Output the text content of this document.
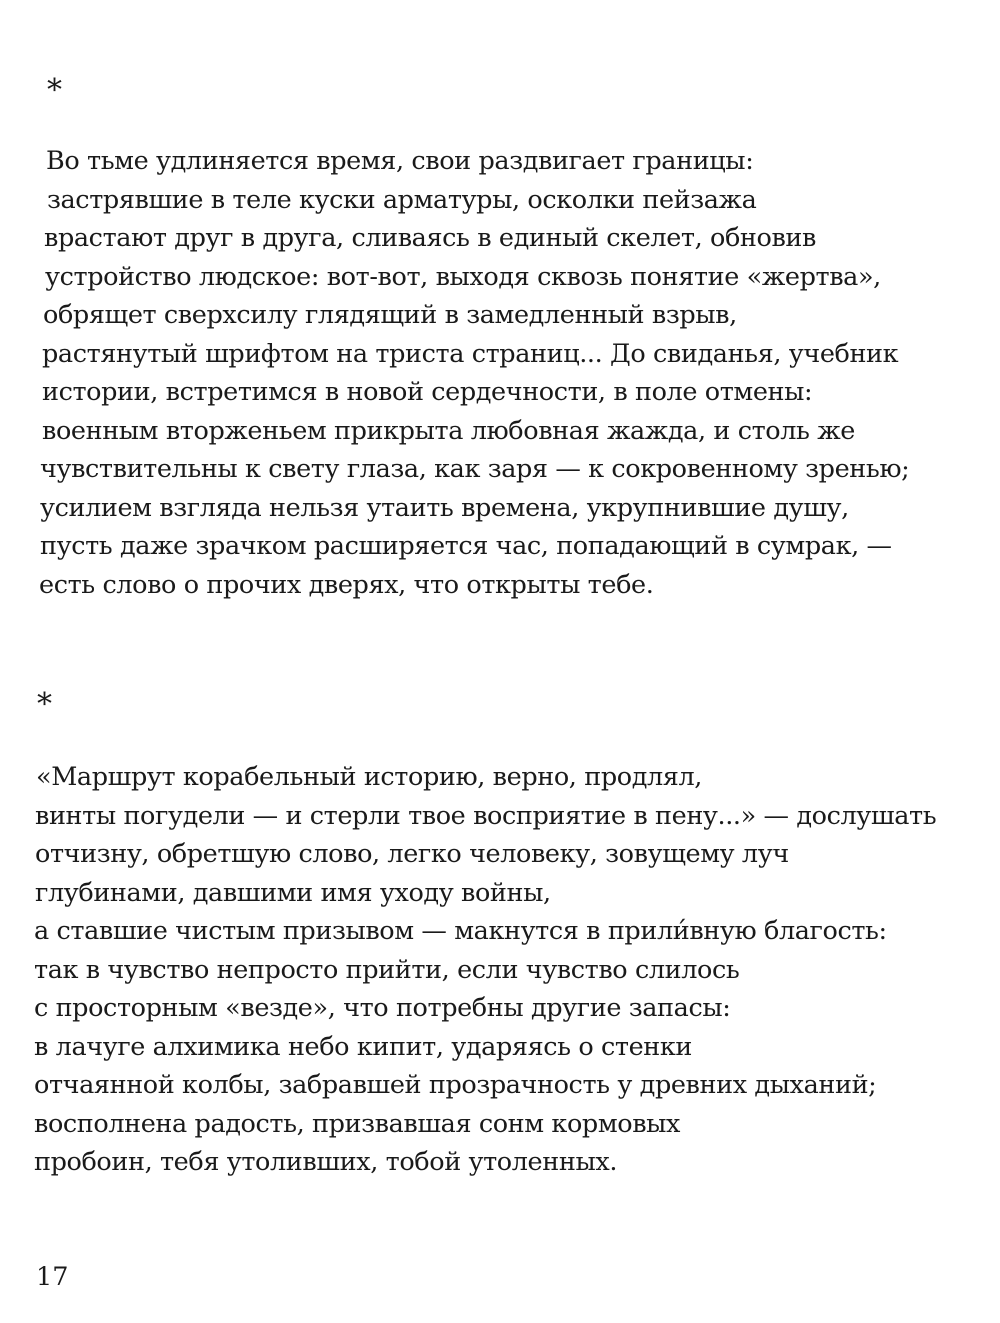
*
Во тьме удлиняется время, свои раздвигает границы:
застрявшие в теле куски арматуры, осколки пейзажа
врастают друг в друга, сливаясь в единый скелет, обновив
устройство людское: вот-вот, выходя сквозь понятие «жертва»,
обрящет сверхсилу глядящий в замедленный взрыв,
растянутый шрифтом на триста страниц... До свиданья, учебник
истории, встретимся в новой сердечности, в поле отмены:
военным вторженьем прикрыта любовная жажда, и столь же
чувствительны к свету глаза, как заря — к сокровенному зренью;
усилием взгляда нельзя утаить времена, укрупнившие душу,
пусть даже зрачком расширяется час, попадающий в сумрак, —
есть слово о прочих дверях, что открыты тебе.
*
«Маршрут корабельный историю, верно, продлял,
винты погудели — и стерли твое восприятие в пену...» — дослушать
отчизну, обретшую слово, легко человеку, зовущему луч
глубинами, давшими имя уходу войны,
а ставшие чистым призывом — макнутся в прили́вную благость:
так в чувство непросто прийти, если чувство слилось
с просторным «везде», что потребны другие запасы:
в лачуге алхимика небо кипит, ударяясь о стенки
отчаянной колбы, забравшей прозрачность у древних дыханий;
восполнена радость, призвавшая сонм кормовых
пробоин, тебя утоливших, тобой утоленных.
17
